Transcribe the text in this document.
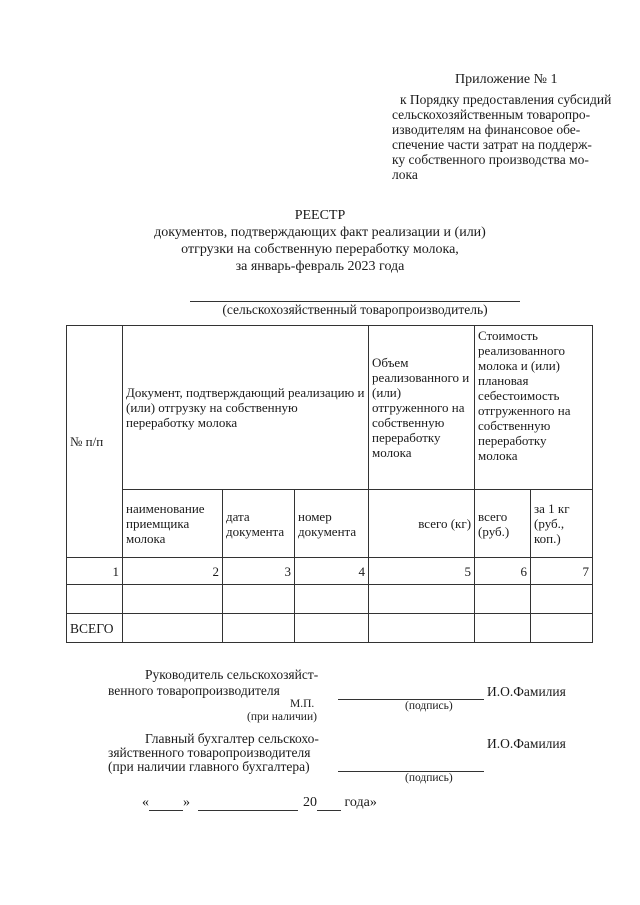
Приложение № 1
к Порядку предоставления субсидий
сельскохозяйственным товаропро-
изводителям на финансовое обе-
спечение части затрат на поддерж-
ку собственного производства мо-
лока
РЕЕСТР
документов, подтверждающих факт реализации и (или)
отгрузки на собственную переработку молока,
за январь-февраль 2023 года
(сельскохозяйственный товаропроизводитель)
№ п/п	Документ, подтверждающий реализацию и (или) отгрузку на собственную переработку молока			Объем реализованного и (или) отгруженного на собственную переработку молока	Стоимость реализованного молока и (или) плановая себестоимость отгруженного на собственную переработку молока	
	наименование приемщика молока	дата документа	номер документа	всего (кг)	всего (руб.)	за 1 кг (руб., коп.)
1	2	3	4	5	6	7

ВСЕГО						
Руководитель сельскохозяйст-
венного товаропроизводителя
(подпись)
И.О.Фамилия
М.П.
(при наличии)
Главный бухгалтер сельскохо-
зяйственного товаропроизводителя
(при наличии главного бухгалтера)
И.О.Фамилия
(подпись)
« »	20 года»
